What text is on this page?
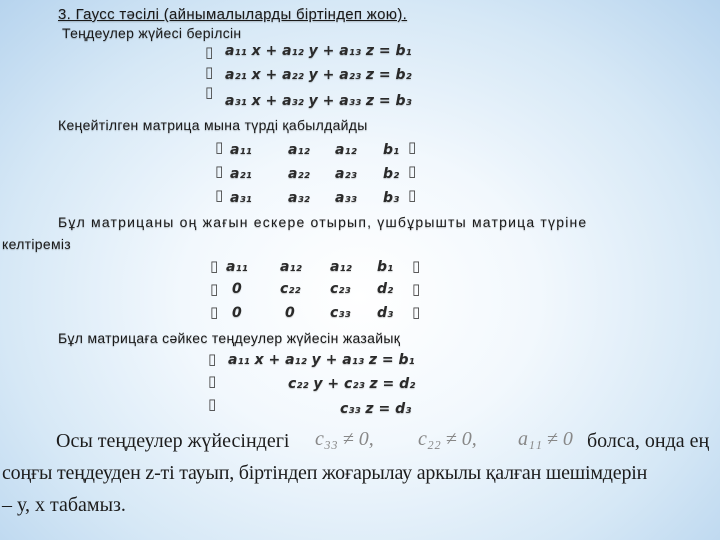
3. Гаусс тәсілі (айнымалыларды біртіндеп жою).
Теңдеулер жүйесі берілсін
▯
▯
▯
a₁₁ x + a₁₂ y + a₁₃ z = b₁
a₂₁ x + a₂₂ y + a₂₃ z = b₂
a₃₁ x + a₃₂ y + a₃₃ z = b₃
Кеңейтілген матрица мына түрді қабылдайды
▯
▯
▯
▯
▯
▯
a₁₁	a₁₂ a₁₂ b₁
a₂₁	a₂₂ a₂₃ b₂
a₃₁	a₃₂ a₃₃ b₃
Бұл матрицаны оң жағын ескере отырып, үшбұрышты матрица түріне
келтіреміз
▯
▯
▯
▯
▯
▯
a₁₁ a₁₂ a₁₂ b₁
0	c₂₂ c₂₃ d₂
0	0	c₃₃ d₃
Бұл матрицаға сәйкес теңдеулер жүйесін жазайық
▯
▯
▯
a₁₁ x + a₁₂ y + a₁₃ z = b₁
c₂₂ y + c₂₃ z = d₂
c₃₃ z = d₃
Осы теңдеулер жүйесіндегі c₃₃ ≠ 0, c₂₂ ≠ 0, a₁₁ ≠ 0 болса, онда ең
соңғы теңдеуден z-ті тауып, біртіндеп жоғарылау аркылы қалған шешімдерін
– у, х табамыз.
